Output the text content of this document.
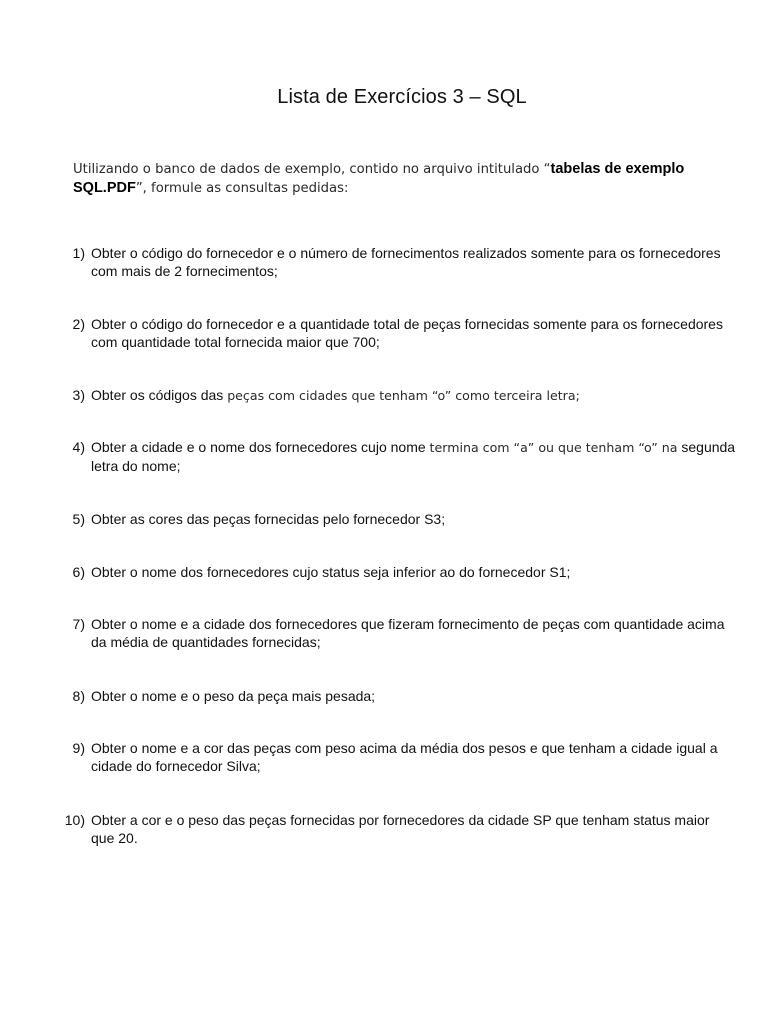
Lista de Exercícios 3 – SQL

Utilizando o banco de dados de exemplo, contido no arquivo intitulado “tabelas de exemplo SQL.PDF”, formule as consultas pedidas:

1) Obter o código do fornecedor e o número de fornecimentos realizados somente para os fornecedores com mais de 2 fornecimentos;
2) Obter o código do fornecedor e a quantidade total de peças fornecidas somente para os fornecedores com quantidade total fornecida maior que 700;
3) Obter os códigos das peças com cidades que tenham “o” como terceira letra;
4) Obter a cidade e o nome dos fornecedores cujo nome termina com “a” ou que tenham “o” na segunda letra do nome;
5) Obter as cores das peças fornecidas pelo fornecedor S3;
6) Obter o nome dos fornecedores cujo status seja inferior ao do fornecedor S1;
7) Obter o nome e a cidade dos fornecedores que fizeram fornecimento de peças com quantidade acima da média de quantidades fornecidas;
8) Obter o nome e o peso da peça mais pesada;
9) Obter o nome e a cor das peças com peso acima da média dos pesos e que tenham a cidade igual a cidade do fornecedor Silva;
10) Obter a cor e o peso das peças fornecidas por fornecedores da cidade SP que tenham status maior que 20.
